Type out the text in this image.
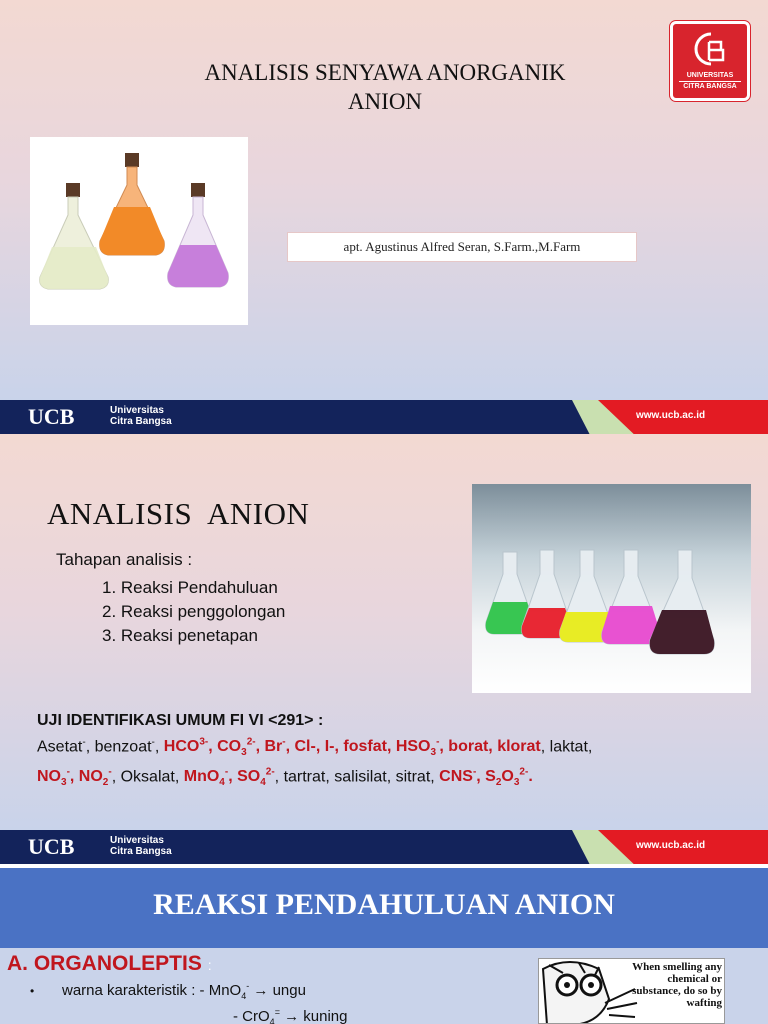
ANALISIS SENYAWA ANORGANIK
ANION
UNIVERSITAS
CITRA BANGSA
apt. Agustinus Alfred Seran, S.Farm.,M.Farm
UCB	Universitas
Citra Bangsa
www.ucb.ac.id
ANALISIS  ANION
Tahapan analisis :
1. Reaksi Pendahuluan
2. Reaksi penggolongan
3. Reaksi penetapan
UJI IDENTIFIKASI UMUM FI VI <291> :
Asetat-, benzoat-, $HCO^{3-}$, $CO_3^{2-}$, Br-, Cl-, I-, fosfat, $HSO_3^-$, borat, klorat, laktat,
$NO_3^-$, $NO_2^-$, Oksalat, MnO$_4$-, $SO_4^{2-}$, tartrat, salisilat, sitrat, CNS-, $S_2O_3^{2-}$.
UCB	Universitas
Citra Bangsa
www.ucb.ac.id
REAKSI PENDAHULUAN ANION
A. ORGANOLEPTIS :
• warna karakteristik : - MnO$_4$- → ungu
- CrO$_4$= → kuning
When smelling any chemical or substance, do so by wafting
